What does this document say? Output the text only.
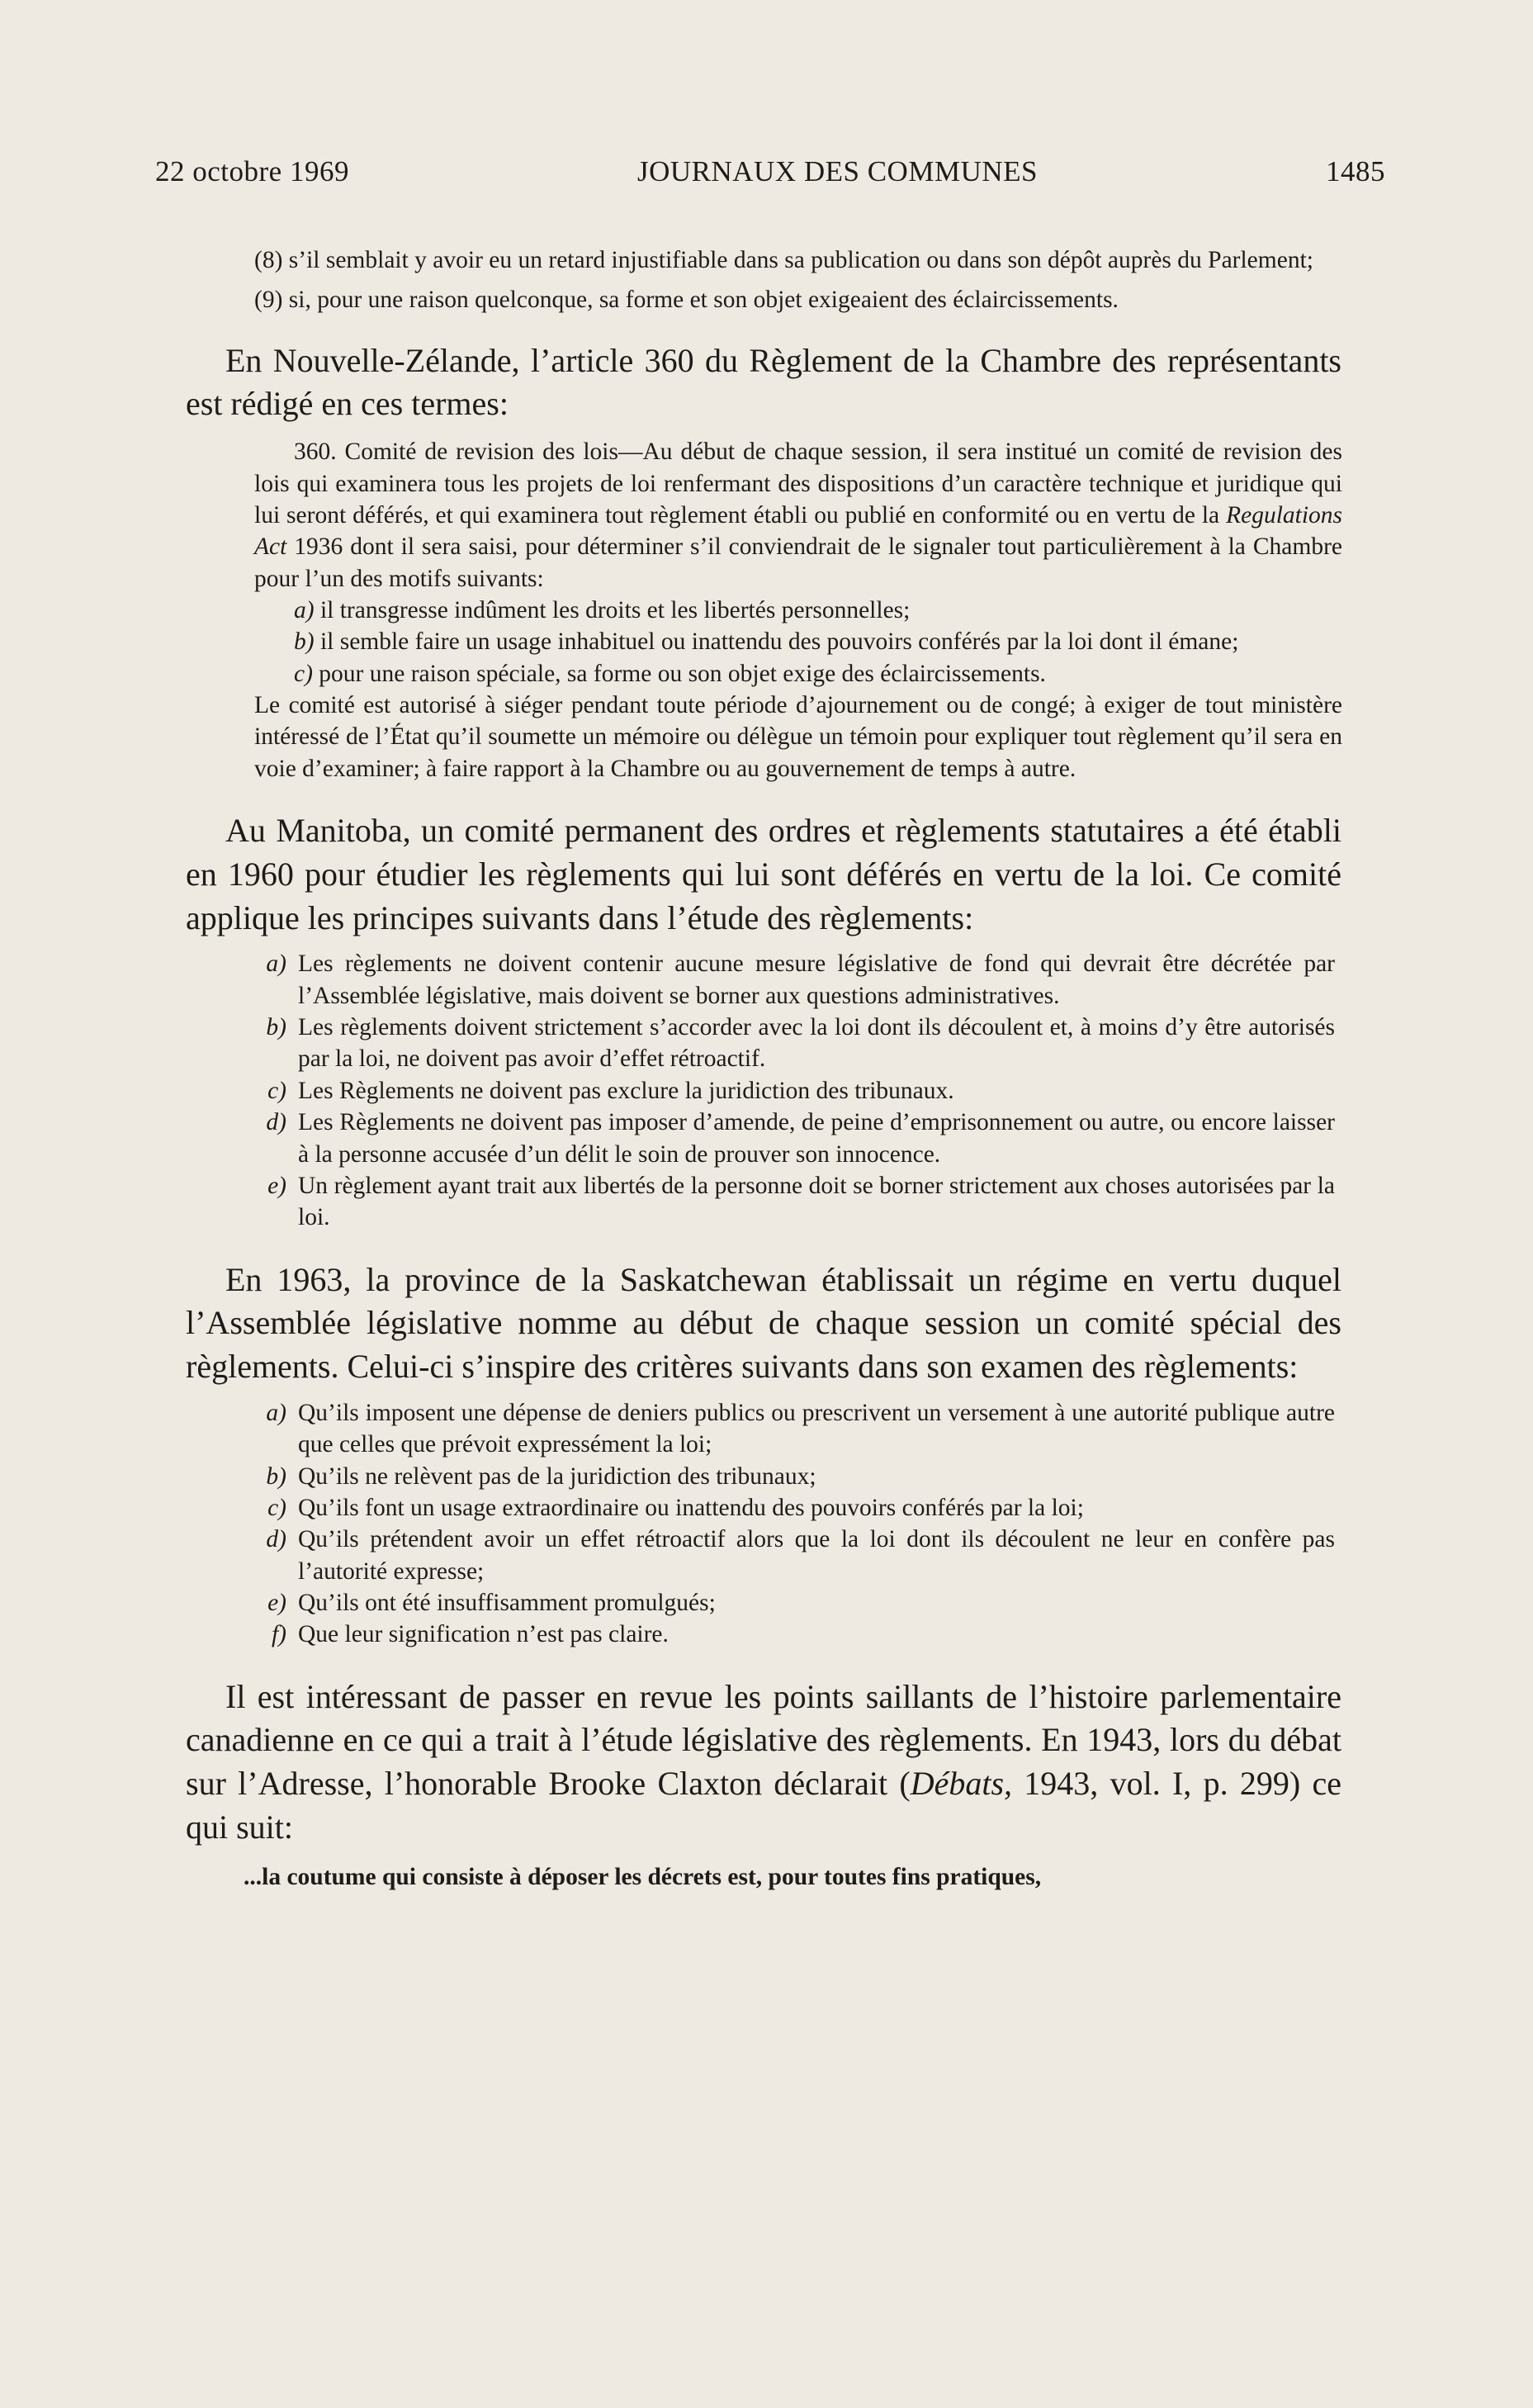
22 octobre 1969	JOURNAUX DES COMMUNES	1485

(8) s’il semblait y avoir eu un retard injustifiable dans sa publication ou dans son dépôt auprès du Parlement;

(9) si, pour une raison quelconque, sa forme et son objet exigeaient des éclaircissements.

En Nouvelle-Zélande, l’article 360 du Règlement de la Chambre des représentants est rédigé en ces termes:

360. Comité de revision des lois—Au début de chaque session, il sera institué un comité de revision des lois qui examinera tous les projets de loi renfermant des dispositions d’un caractère technique et juridique qui lui seront déférés, et qui examinera tout règlement établi ou publié en conformité ou en vertu de la Regulations Act 1936 dont il sera saisi, pour déterminer s’il conviendrait de le signaler tout particulièrement à la Chambre pour l’un des motifs suivants:

a) il transgresse indûment les droits et les libertés personnelles;

b) il semble faire un usage inhabituel ou inattendu des pouvoirs conférés par la loi dont il émane;

c) pour une raison spéciale, sa forme ou son objet exige des éclaircissements.

Le comité est autorisé à siéger pendant toute période d’ajournement ou de congé; à exiger de tout ministère intéressé de l’État qu’il soumette un mémoire ou délègue un témoin pour expliquer tout règlement qu’il sera en voie d’examiner; à faire rapport à la Chambre ou au gouvernement de temps à autre.

Au Manitoba, un comité permanent des ordres et règlements statutaires a été établi en 1960 pour étudier les règlements qui lui sont déférés en vertu de la loi. Ce comité applique les principes suivants dans l’étude des règlements:

a) Les règlements ne doivent contenir aucune mesure législative de fond qui devrait être décrétée par l’Assemblée législative, mais doivent se borner aux questions administratives.
b) Les règlements doivent strictement s’accorder avec la loi dont ils découlent et, à moins d’y être autorisés par la loi, ne doivent pas avoir d’effet rétroactif.
c) Les Règlements ne doivent pas exclure la juridiction des tribunaux.
d) Les Règlements ne doivent pas imposer d’amende, de peine d’emprisonnement ou autre, ou encore laisser à la personne accusée d’un délit le soin de prouver son innocence.
e) Un règlement ayant trait aux libertés de la personne doit se borner strictement aux choses autorisées par la loi.

En 1963, la province de la Saskatchewan établissait un régime en vertu duquel l’Assemblée législative nomme au début de chaque session un comité spécial des règlements. Celui-ci s’inspire des critères suivants dans son examen des règlements:

a) Qu’ils imposent une dépense de deniers publics ou prescrivent un versement à une autorité publique autre que celles que prévoit expressément la loi;
b) Qu’ils ne relèvent pas de la juridiction des tribunaux;
c) Qu’ils font un usage extraordinaire ou inattendu des pouvoirs conférés par la loi;
d) Qu’ils prétendent avoir un effet rétroactif alors que la loi dont ils découlent ne leur en confère pas l’autorité expresse;
e) Qu’ils ont été insuffisamment promulgués;
f) Que leur signification n’est pas claire.

Il est intéressant de passer en revue les points saillants de l’histoire parlementaire canadienne en ce qui a trait à l’étude législative des règlements. En 1943, lors du débat sur l’Adresse, l’honorable Brooke Claxton déclarait (Débats, 1943, vol. I, p. 299) ce qui suit:

...la coutume qui consiste à déposer les décrets est, pour toutes fins pratiques,
